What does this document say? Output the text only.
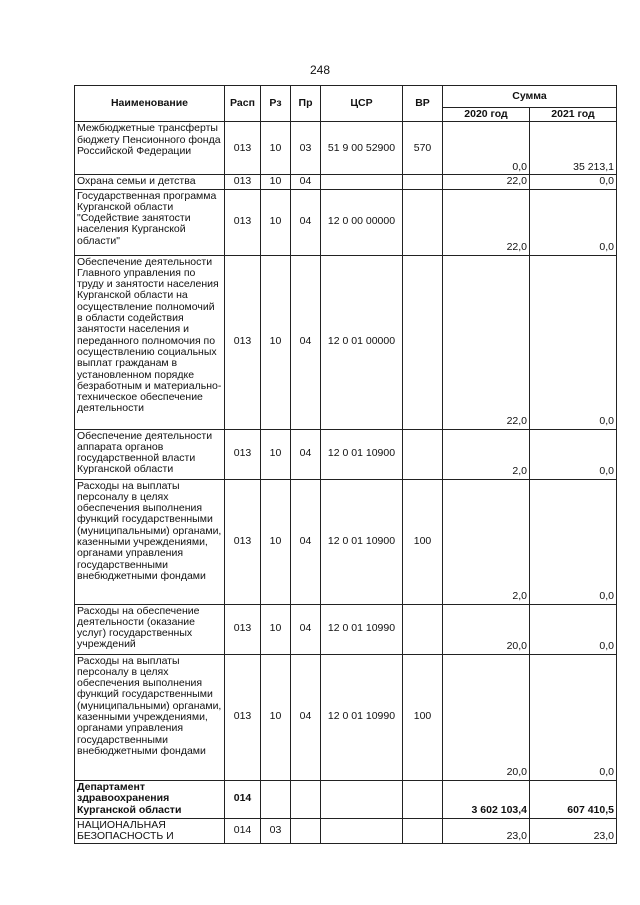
248
Наименование	Расп	Рз	Пр	ЦСР	ВР	Сумма	
						2020 год	2021 год
Межбюджетные трансферты бюджету Пенсионного фонда Российской Федерации	013	10	03	51 9 00 52900	570	0,0	35 213,1
Охрана семьи и детства	013	10	04			22,0	0,0
Государственная программа Курганской области "Содействие занятости населения Курганской области"	013	10	04	12 0 00 00000		22,0	0,0
Обеспечение деятельности Главного управления по труду и занятости населения Курганской области на осуществление полномочий в области содействия занятости населения и переданного полномочия по осуществлению социальных выплат гражданам в установленном порядке безработным и материально-техническое обеспечение деятельности	013	10	04	12 0 01 00000		22,0	0,0
Обеспечение деятельности аппарата органов государственной власти Курганской области	013	10	04	12 0 01 10900		2,0	0,0
Расходы на выплаты персоналу в целях обеспечения выполнения функций государственными (муниципальными) органами, казенными учреждениями, органами управления государственными внебюджетными фондами	013	10	04	12 0 01 10900	100	2,0	0,0
Расходы на обеспечение деятельности (оказание услуг) государственных учреждений	013	10	04	12 0 01 10990		20,0	0,0
Расходы на выплаты персоналу в целях обеспечения выполнения функций государственными (муниципальными) органами, казенными учреждениями, органами управления государственными внебюджетными фондами	013	10	04	12 0 01 10990	100	20,0	0,0
Департамент здравоохранения Курганской области	014					3 602 103,4	607 410,5
НАЦИОНАЛЬНАЯ БЕЗОПАСНОСТЬ И	014	03				23,0	23,0
